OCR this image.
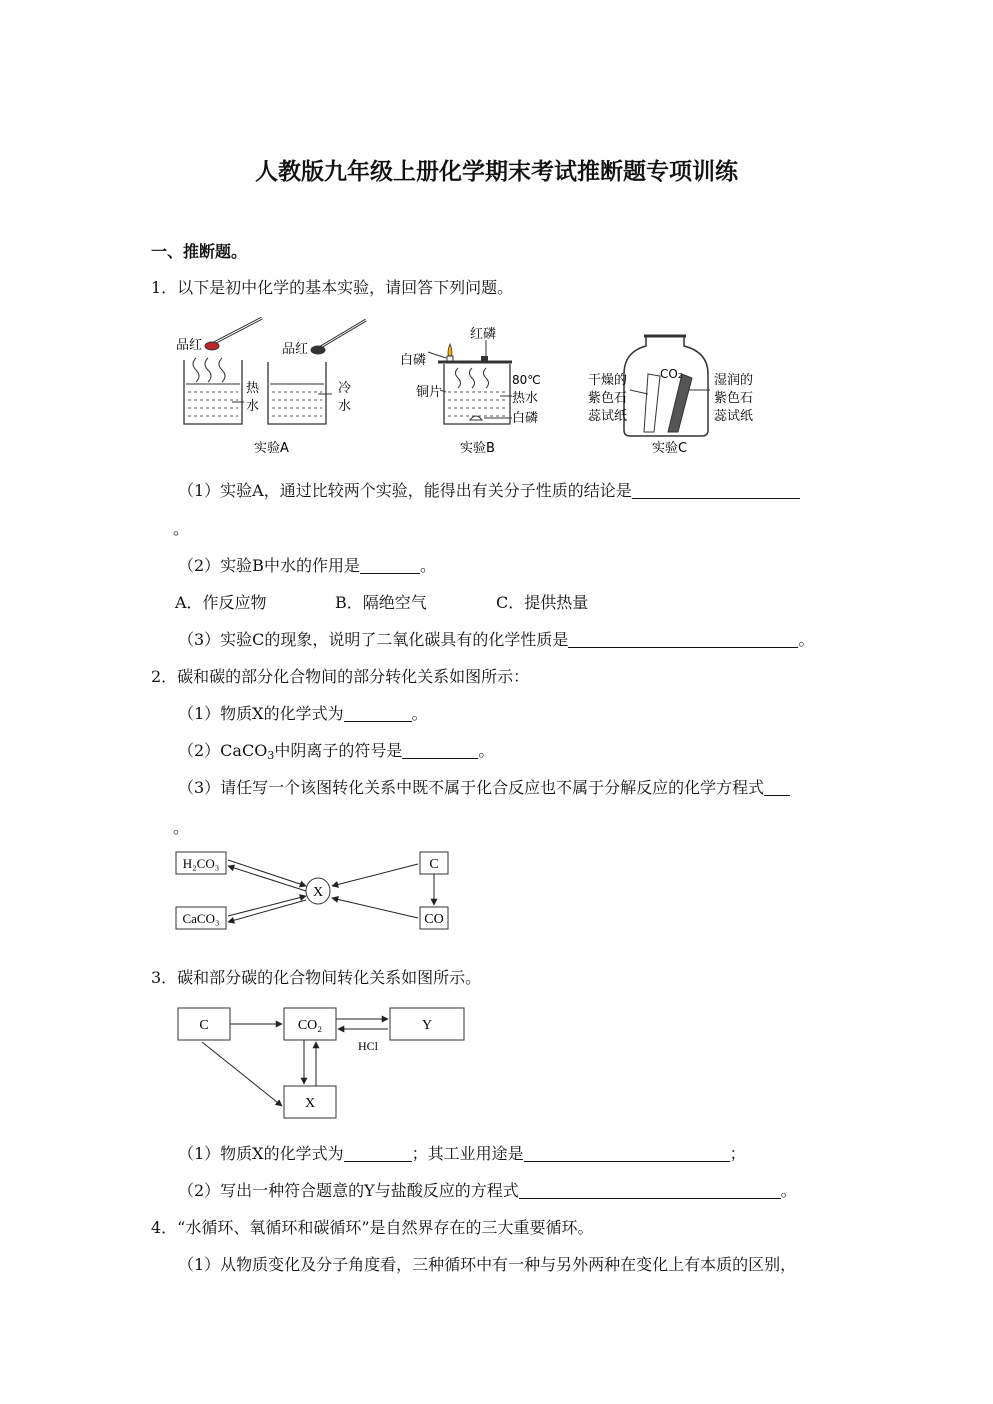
人教版九年级上册化学期末考试推断题专项训练
一、推断题。
1．以下是初中化学的基本实验，请回答下列问题。
品红	品红
热
水
冷
水
实验A
红磷
白磷
铜片
80℃
热水
白磷
实验B
CO₂
干燥的
紫色石
蕊试纸
湿润的
紫色石
蕊试纸
实验C
（1）实验A，通过比较两个实验，能得出有关分子性质的结论是
。
（2）实验B中水的作用是	。
A．作反应物	B．隔绝空气	C．提供热量
（3）实验C的现象，说明了二氧化碳具有的化学性质是	。
2．碳和碳的部分化合物间的部分转化关系如图所示：
（1）物质X的化学式为	。
（2）CaCO$_3$中阴离子的符号是	。
（3）请任写一个该图转化关系中既不属于化合反应也不属于分解反应的化学方程式
。
H₂CO₃
CaCO₃
X
C
CO
3．碳和部分碳的化合物间转化关系如图所示。
C	CO₂	Y
HCl
X
（1）物质X的化学式为	；其工业用途是	；
（2）写出一种符合题意的Y与盐酸反应的方程式	。
4．“水循环、氧循环和碳循环”是自然界存在的三大重要循环。
（1）从物质变化及分子角度看，三种循环中有一种与另外两种在变化上有本质的区别，
